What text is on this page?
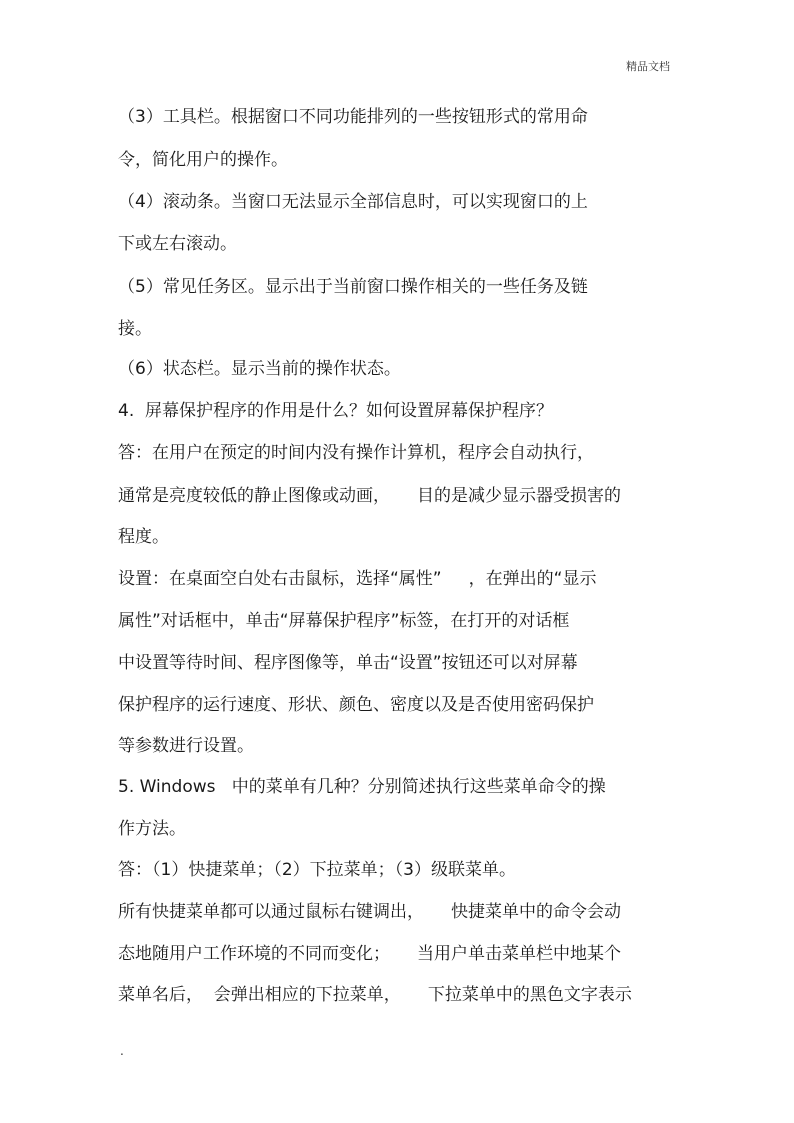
精品文档
（3）工具栏。根据窗口不同功能排列的一些按钮形式的常用命
令，简化用户的操作。
（4）滚动条。当窗口无法显示全部信息时，可以实现窗口的上
下或左右滚动。
（5）常见任务区。显示出于当前窗口操作相关的一些任务及链
接。
（6）状态栏。显示当前的操作状态。
4.  屏幕保护程序的作用是什么？如何设置屏幕保护程序？
答：在用户在预定的时间内没有操作计算机，程序会自动执行，
通常是亮度较低的静止图像或动画，     目的是减少显示器受损害的
程度。
设置：在桌面空白处右击鼠标，选择“属性”     ，在弹出的“显示
属性”对话框中，单击“屏幕保护程序”标签，在打开的对话框
中设置等待时间、程序图像等，单击“设置”按钮还可以对屏幕
保护程序的运行速度、形状、颜色、密度以及是否使用密码保护
等参数进行设置。
5. Windows   中的菜单有几种？分别简述执行这些菜单命令的操
作方法。
答：（1）快捷菜单；（2）下拉菜单；（3）级联菜单。
所有快捷菜单都可以通过鼠标右键调出，     快捷菜单中的命令会动
态地随用户工作环境的不同而变化；     当用户单击菜单栏中地某个
菜单名后，  会弹出相应的下拉菜单，     下拉菜单中的黑色文字表示
.
